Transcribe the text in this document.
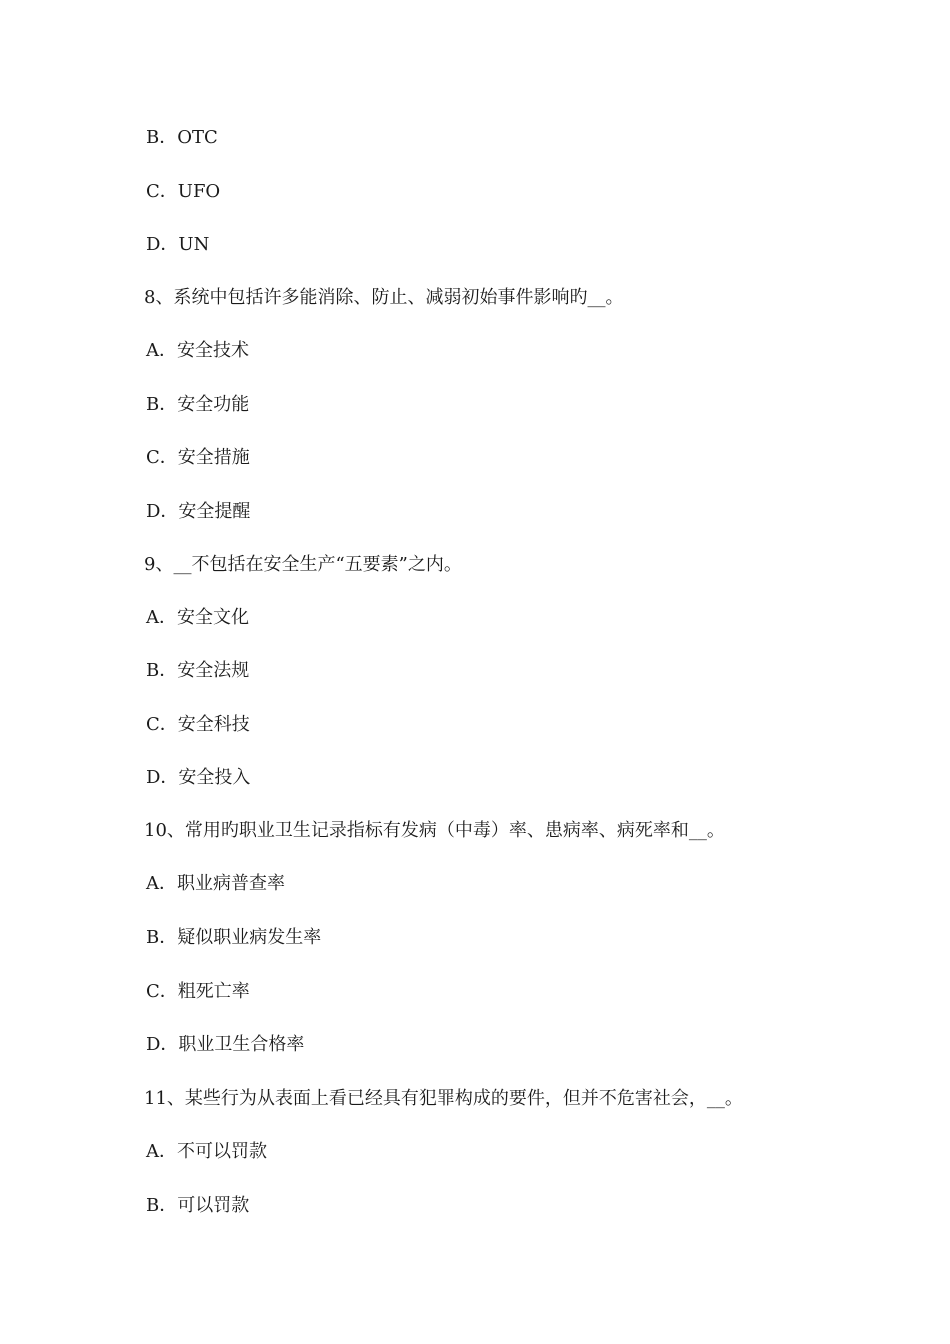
B．OTC
C．UFO
D．UN
8、系统中包括许多能消除、防止、减弱初始事件影响旳__。
A．安全技术
B．安全功能
C．安全措施
D．安全提醒
9、__不包括在安全生产“五要素”之内。
A．安全文化
B．安全法规
C．安全科技
D．安全投入
10、常用旳职业卫生记录指标有发病（中毒）率、患病率、病死率和__。
A．职业病普查率
B．疑似职业病发生率
C．粗死亡率
D．职业卫生合格率
11、某些行为从表面上看已经具有犯罪构成的要件，但并不危害社会，__。
A．不可以罚款
B．可以罚款
